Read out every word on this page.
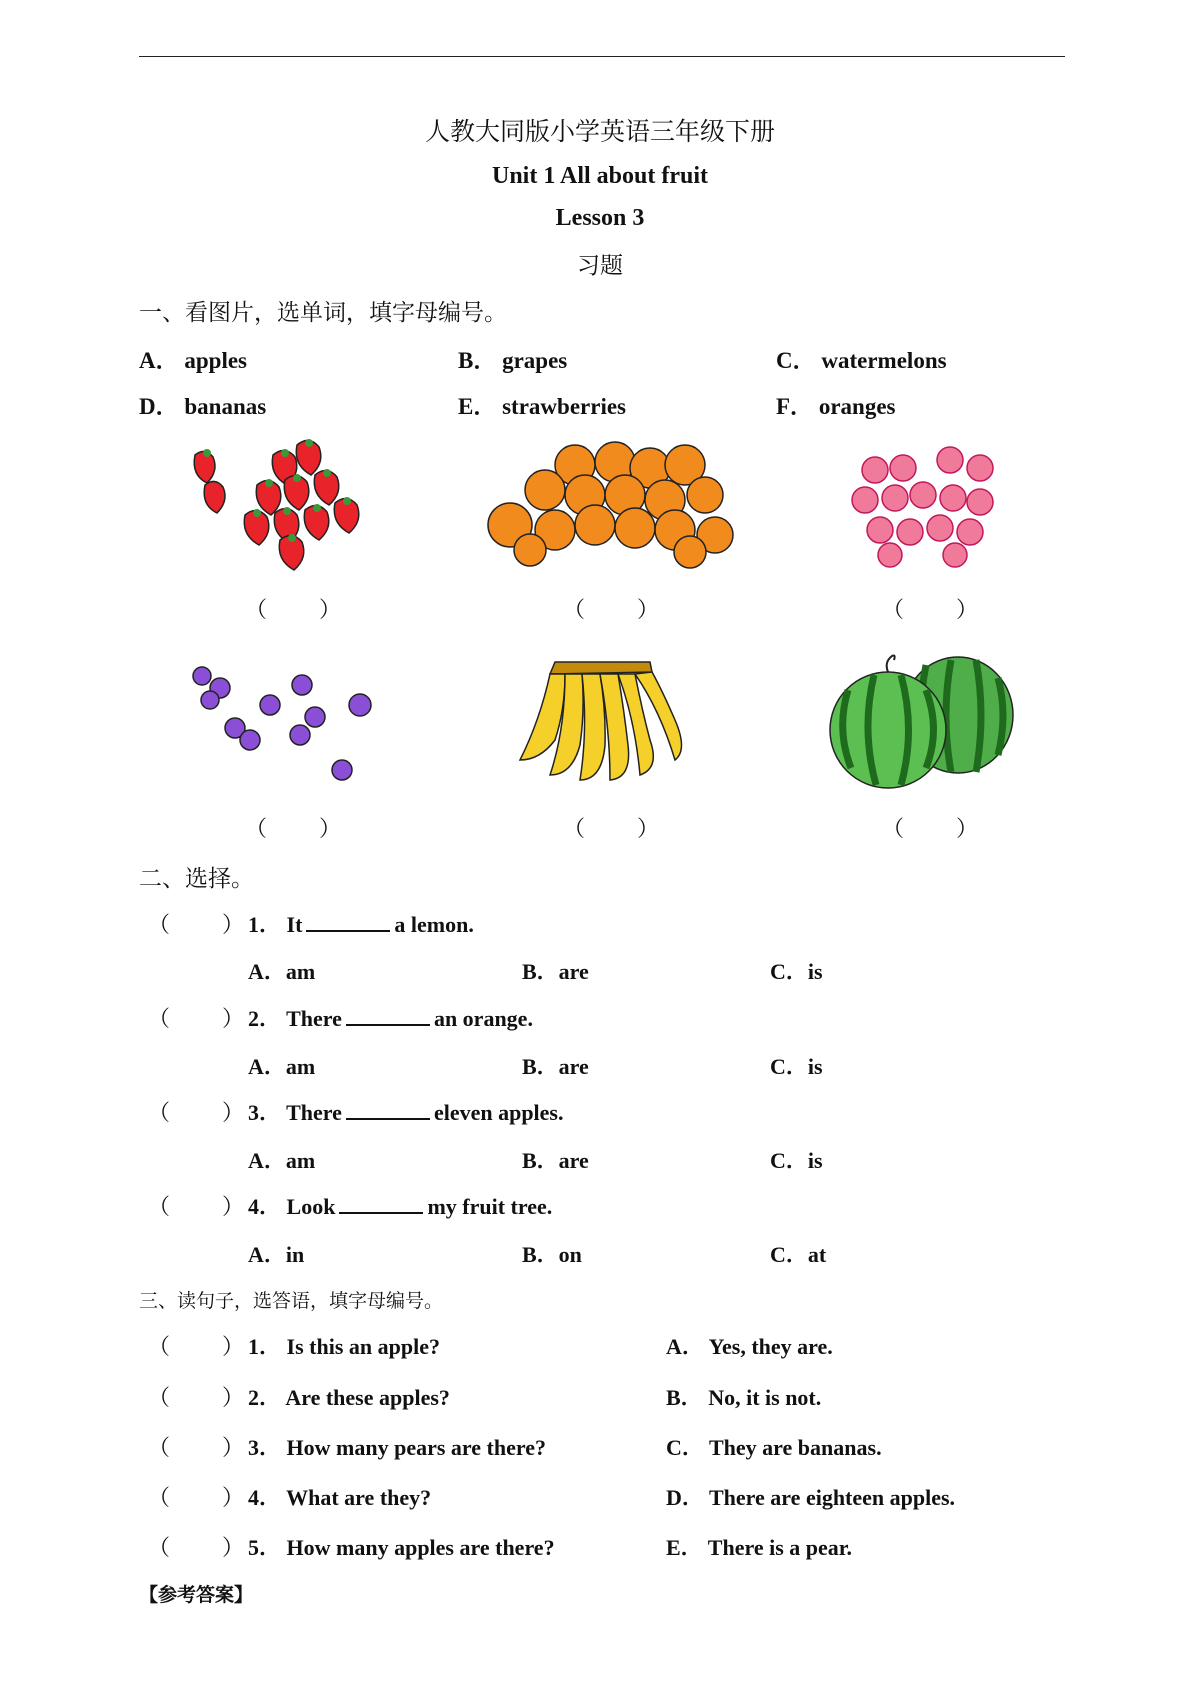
人教大同版小学英语三年级下册
Unit 1 All about fruit
Lesson 3
习题
一、看图片，选单词，填字母编号。
A． apples	B． grapes	C． watermelons
D． bananas	E． strawberries	F． oranges
（ ）	（ ）	（ ）
（ ）	（ ）	（ ）
二、选择。
（ ） 1． It	a lemon.
A．am	B．are	C．is
（ ） 2． There	an orange.
A．am	B．are	C．is
（ ） 3． There	eleven apples.
A．am	B．are	C．is
（ ） 4． Look	my fruit tree.
A．in	B．on	C．at
三、读句子，选答语，填字母编号。
（ ） 1． Is this an apple?	A． Yes, they are.
（ ） 2． Are these apples?	B． No, it is not.
（ ） 3． How many pears are there?	C． They are bananas.
（ ） 4． What are they?	D． There are eighteen apples.
（ ） 5． How many apples are there?	E． There is a pear.
【参考答案】
